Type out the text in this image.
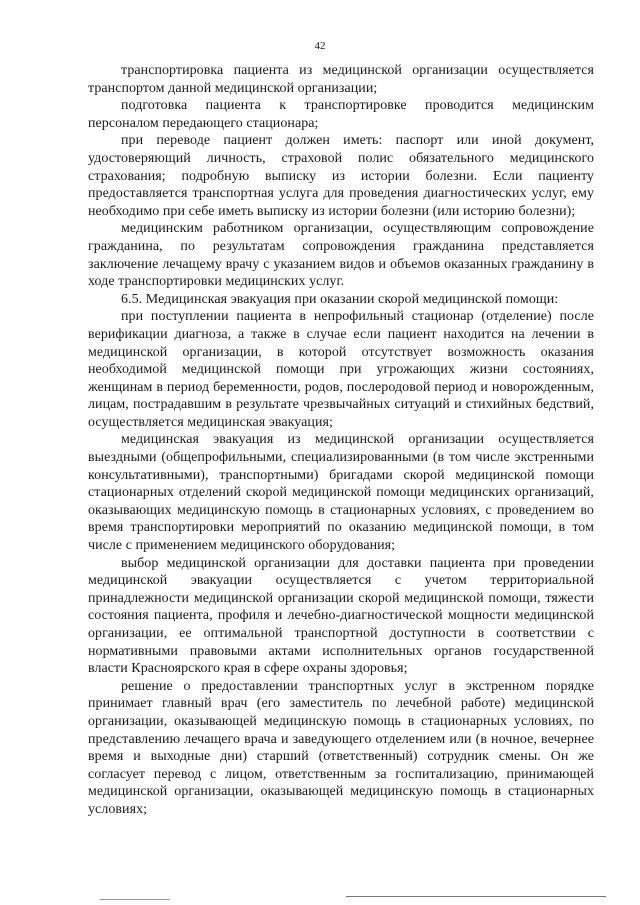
42

транспортировка пациента из медицинской организации осуществляется транспортом данной медицинской организации;

подготовка пациента к транспортировке проводится медицинским персоналом передающего стационара;

при переводе пациент должен иметь: паспорт или иной документ, удостоверяющий личность, страховой полис обязательного медицинского страхования; подробную выписку из истории болезни. Если пациенту предоставляется транспортная услуга для проведения диагностических услуг, ему необходимо при себе иметь выписку из истории болезни (или историю болезни);

медицинским работником организации, осуществляющим сопровождение гражданина, по результатам сопровождения гражданина представляется заключение лечащему врачу с указанием видов и объемов оказанных гражданину в ходе транспортировки медицинских услуг.

6.5. Медицинская эвакуация при оказании скорой медицинской помощи:

при поступлении пациента в непрофильный стационар (отделение) после верификации диагноза, а также в случае если пациент находится на лечении в медицинской организации, в которой отсутствует возможность оказания необходимой медицинской помощи при угрожающих жизни состояниях, женщинам в период беременности, родов, послеродовой период и новорожденным, лицам, пострадавшим в результате чрезвычайных ситуаций и стихийных бедствий, осуществляется медицинская эвакуация;

медицинская эвакуация из медицинской организации осуществляется выездными (общепрофильными, специализированными (в том числе экстренными консультативными), транспортными) бригадами скорой медицинской помощи стационарных отделений скорой медицинской помощи медицинских организаций, оказывающих медицинскую помощь в стационарных условиях, с проведением во время транспортировки мероприятий по оказанию медицинской помощи, в том числе с применением медицинского оборудования;

выбор медицинской организации для доставки пациента при проведении медицинской эвакуации осуществляется с учетом территориальной принадлежности медицинской организации скорой медицинской помощи, тяжести состояния пациента, профиля и лечебно-диагностической мощности медицинской организации, ее оптимальной транспортной доступности в соответствии с нормативными правовыми актами исполнительных органов государственной власти Красноярского края в сфере охраны здоровья;

решение о предоставлении транспортных услуг в экстренном порядке принимает главный врач (его заместитель по лечебной работе) медицинской организации, оказывающей медицинскую помощь в стационарных условиях, по представлению лечащего врача и заведующего отделением или (в ночное, вечернее время и выходные дни) старший (ответственный) сотрудник смены. Он же согласует перевод с лицом, ответственным за госпитализацию, принимающей медицинской организации, оказывающей медицинскую помощь в стационарных условиях;
